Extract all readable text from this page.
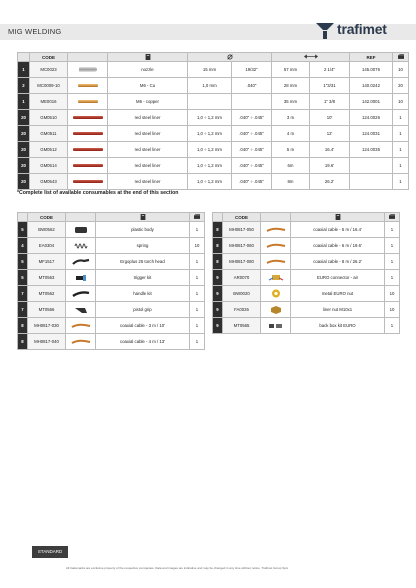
MIG WELDING	trafimet
	CODE							REF	
1	MC0023		nozzle	15 mm	19/32"	57 mm	2 1/4"	145.0076	10
2	MC0009-10		M6 - Cu	1,0 mm	.040"	28 mm	1"3/31	140.0242	20
1	ME0016		M6 - copper			35 mm	1" 3/8	142.0001	10
20	GM0510		red steel liner	1,0 ÷ 1,2 mm	.040" ÷ .045"	3 m	10'	124.0026	1
20	GM0511		red steel liner	1,0 ÷ 1,2 mm	.040" ÷ .045"	4 m	12'	124.0031	1
20	GM0512		red steel liner	1,0 ÷ 1,2 mm	.040" ÷ .045"	5 m	16.4'	124.0035	1
20	GM0514		red steel liner	1,0 ÷ 1,2 mm	.040" ÷ .045"	6m	19.6'		1
20	GM0543		red steel liner	1,0 ÷ 1,2 mm	.040" ÷ .045"	8m	26.2'		1
*Complete list of available consumables at the end of this section
	CODE			
5	BW0562		plastic body	1
4	EA0304		spring	10
5	MF1517		Ergoplus 25 torch head	1
5	MT0563		trigger kit	1
7	MT0562		handle kit	1
7	MT0566		pistol grip	1
8	MH0817-030		coaxial cable - 3 m / 10'	1
8	MH0817-040		coaxial cable - 4 m / 13'	1
	CODE			
8	MH0817-050		coaxial cable - 5 m / 16.4'	1
8	MH0817-060		coaxial cable - 6 m / 19.6'	1
8	MH0817-080		coaxial cable - 8 m / 26.2'	1
9	AR0070		EURO connector - air	1
9	BW0020		metal EURO nut	10
9	FA0026		liner nut M10x1	10
9	MT0565		back box kit EURO	1
STANDARD
All trademarks are exclusive property of the respective companies. Data and images are indicative and may be changed in any time without notice. Trafimet Group SpA
